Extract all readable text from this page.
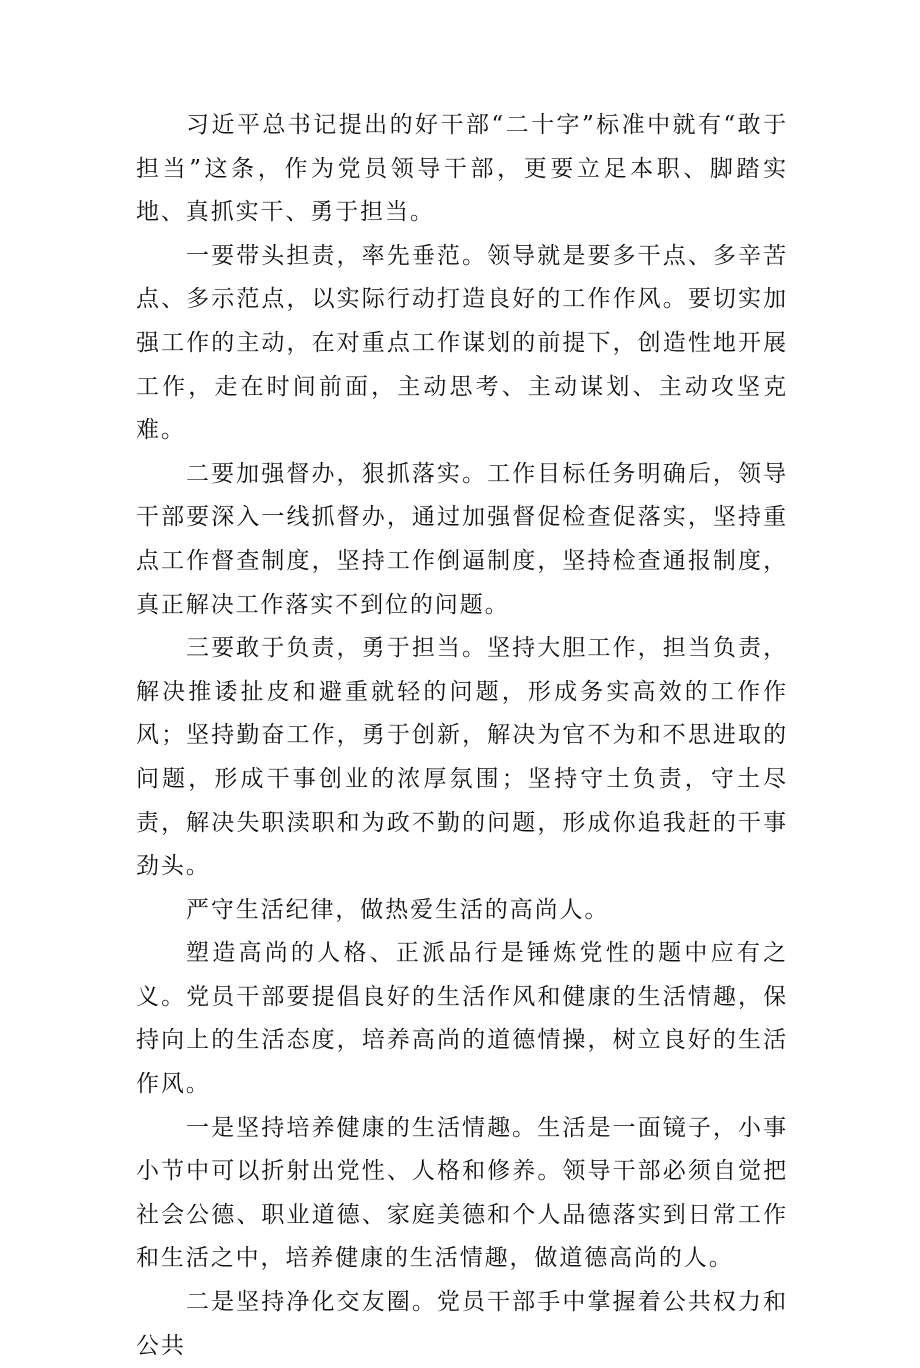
习近平总书记提出的好干部“二十字”标准中就有“敢于担当”这条，作为党员领导干部，更要立足本职、脚踏实地、真抓实干、勇于担当。

一要带头担责，率先垂范。领导就是要多干点、多辛苦点、多示范点，以实际行动打造良好的工作作风。要切实加强工作的主动，在对重点工作谋划的前提下，创造性地开展工作，走在时间前面，主动思考、主动谋划、主动攻坚克难。

二要加强督办，狠抓落实。工作目标任务明确后，领导干部要深入一线抓督办，通过加强督促检查促落实，坚持重点工作督查制度，坚持工作倒逼制度，坚持检查通报制度，真正解决工作落实不到位的问题。

三要敢于负责，勇于担当。坚持大胆工作，担当负责，解决推诿扯皮和避重就轻的问题，形成务实高效的工作作风；坚持勤奋工作，勇于创新，解决为官不为和不思进取的问题，形成干事创业的浓厚氛围；坚持守土负责，守土尽责，解决失职渎职和为政不勤的问题，形成你追我赶的干事劲头。

严守生活纪律，做热爱生活的高尚人。

塑造高尚的人格、正派品行是锤炼党性的题中应有之义。党员干部要提倡良好的生活作风和健康的生活情趣，保持向上的生活态度，培养高尚的道德情操，树立良好的生活作风。

一是坚持培养健康的生活情趣。生活是一面镜子，小事小节中可以折射出党性、人格和修养。领导干部必须自觉把社会公德、职业道德、家庭美德和个人品德落实到日常工作和生活之中，培养健康的生活情趣，做道德高尚的人。

二是坚持净化交友圈。党员干部手中掌握着公共权力和公共
